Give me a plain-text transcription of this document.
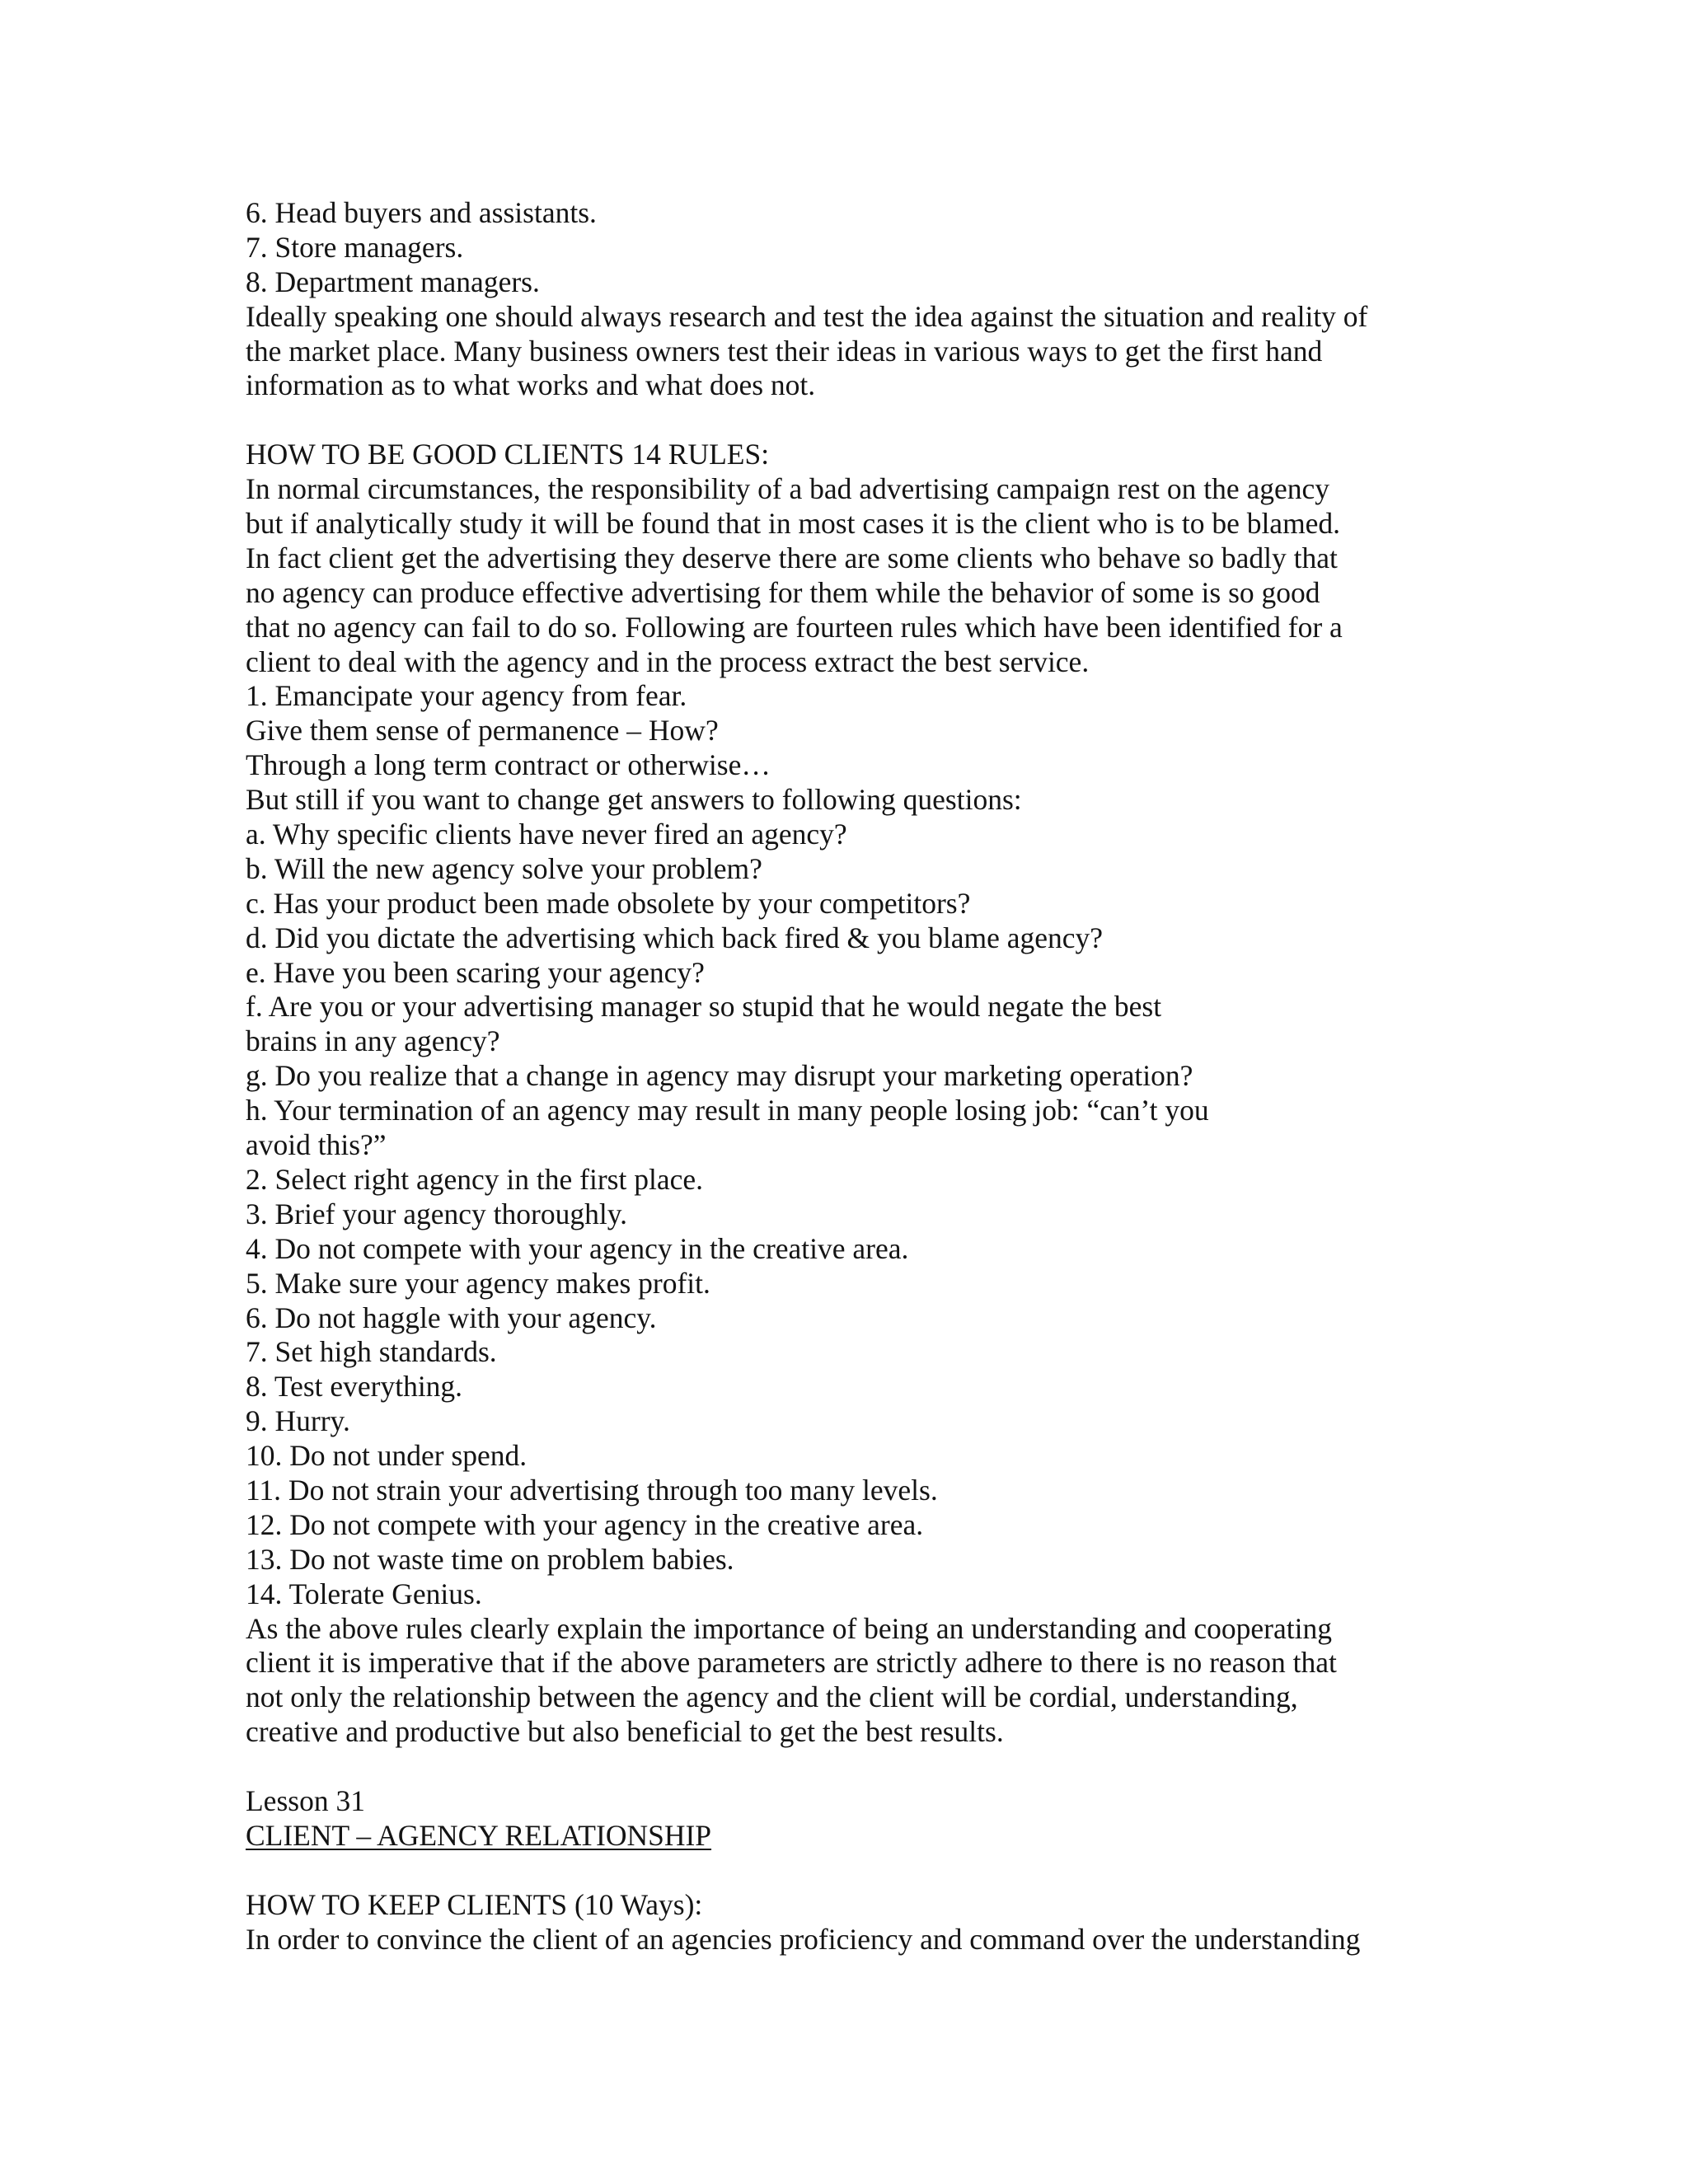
6. Head buyers and assistants.
7. Store managers.
8. Department managers.
Ideally speaking one should always research and test the idea against the situation and reality of
the market place. Many business owners test their ideas in various ways to get the first hand
information as to what works and what does not.
HOW TO BE GOOD CLIENTS 14 RULES:
In normal circumstances, the responsibility of a bad advertising campaign rest on the agency
but if analytically study it will be found that in most cases it is the client who is to be blamed.
In fact client get the advertising they deserve there are some clients who behave so badly that
no agency can produce effective advertising for them while the behavior of some is so good
that no agency can fail to do so. Following are fourteen rules which have been identified for a
client to deal with the agency and in the process extract the best service.
1. Emancipate your agency from fear.
Give them sense of permanence – How?
Through a long term contract or otherwise…
But still if you want to change get answers to following questions:
a. Why specific clients have never fired an agency?
b. Will the new agency solve your problem?
c. Has your product been made obsolete by your competitors?
d. Did you dictate the advertising which back fired & you blame agency?
e. Have you been scaring your agency?
f. Are you or your advertising manager so stupid that he would negate the best
brains in any agency?
g. Do you realize that a change in agency may disrupt your marketing operation?
h. Your termination of an agency may result in many people losing job: “can’t you
avoid this?”
2. Select right agency in the first place.
3. Brief your agency thoroughly.
4. Do not compete with your agency in the creative area.
5. Make sure your agency makes profit.
6. Do not haggle with your agency.
7. Set high standards.
8. Test everything.
9. Hurry.
10. Do not under spend.
11. Do not strain your advertising through too many levels.
12. Do not compete with your agency in the creative area.
13. Do not waste time on problem babies.
14. Tolerate Genius.
As the above rules clearly explain the importance of being an understanding and cooperating
client it is imperative that if the above parameters are strictly adhere to there is no reason that
not only the relationship between the agency and the client will be cordial, understanding,
creative and productive but also beneficial to get the best results.
Lesson 31
CLIENT – AGENCY RELATIONSHIP
HOW TO KEEP CLIENTS (10 Ways):
In order to convince the client of an agencies proficiency and command over the understanding
